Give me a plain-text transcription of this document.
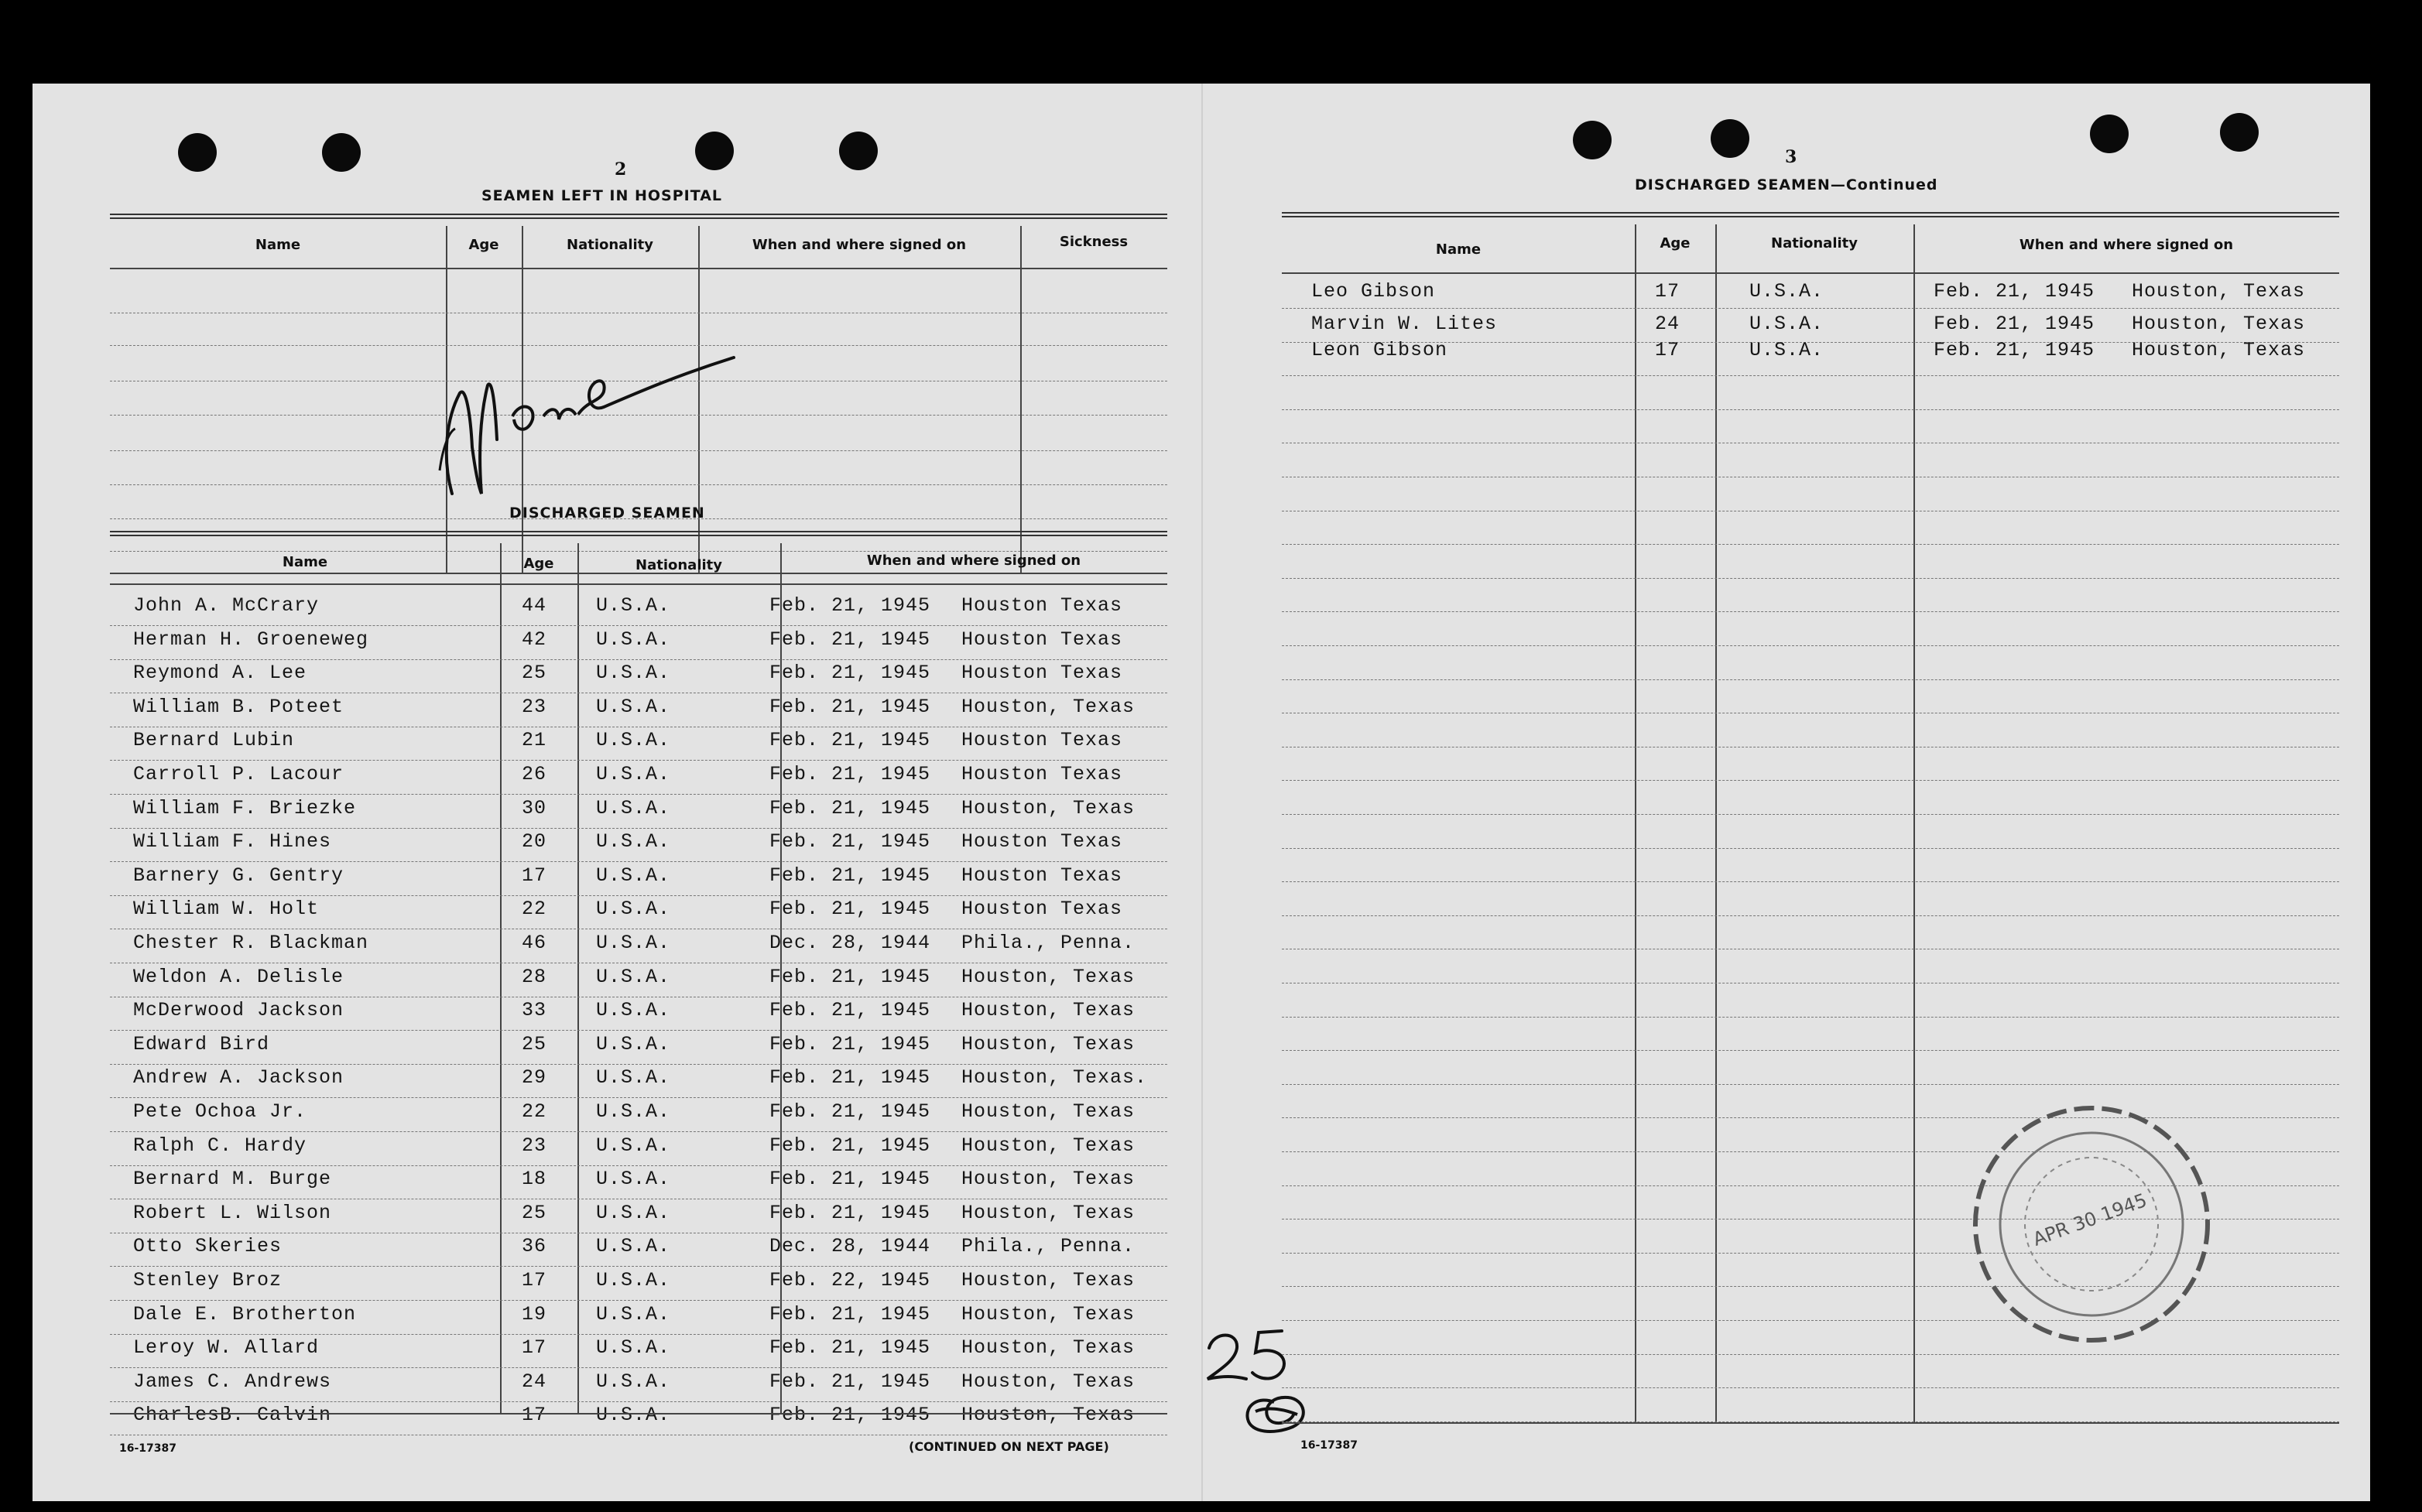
2
SEAMEN LEFT IN HOSPITAL
Name	Age	Nationality	When and where signed on	Sickness
DISCHARGED SEAMEN
Name	Age	Nationality	When and where signed on
John A. McCrary	44	U.S.A.	Feb. 21, 1945 Houston Texas
Herman H. Groeneweg	42	U.S.A.	Feb. 21, 1945 Houston Texas
Reymond A. Lee	25	U.S.A.	Feb. 21, 1945 Houston Texas
William B. Poteet	23	U.S.A.	Feb. 21, 1945 Houston, Texas
Bernard Lubin	21	U.S.A.	Feb. 21, 1945 Houston Texas
Carroll P. Lacour	26	U.S.A.	Feb. 21, 1945 Houston Texas
William F. Briezke	30	U.S.A.	Feb. 21, 1945 Houston, Texas
William F. Hines	20	U.S.A.	Feb. 21, 1945 Houston Texas
Barnery G. Gentry	17	U.S.A.	Feb. 21, 1945 Houston Texas
William W. Holt	22	U.S.A.	Feb. 21, 1945 Houston Texas
Chester R. Blackman	46	U.S.A.	Dec. 28, 1944 Phila., Penna.
Weldon A. Delisle	28	U.S.A.	Feb. 21, 1945 Houston, Texas
McDerwood Jackson	33	U.S.A.	Feb. 21, 1945 Houston, Texas
Edward Bird	25	U.S.A.	Feb. 21, 1945 Houston, Texas
Andrew A. Jackson	29	U.S.A.	Feb. 21, 1945 Houston, Texas.
Pete Ochoa Jr.	22	U.S.A.	Feb. 21, 1945 Houston, Texas
Ralph C. Hardy	23	U.S.A.	Feb. 21, 1945 Houston, Texas
Bernard M. Burge	18	U.S.A.	Feb. 21, 1945 Houston, Texas
Robert L. Wilson	25	U.S.A.	Feb. 21, 1945 Houston, Texas
Otto Skeries	36	U.S.A.	Dec. 28, 1944 Phila., Penna.
Stenley Broz	17	U.S.A.	Feb. 22, 1945 Houston, Texas
Dale E. Brotherton	19	U.S.A.	Feb. 21, 1945 Houston, Texas
Leroy W. Allard	17	U.S.A.	Feb. 21, 1945 Houston, Texas
James C. Andrews	24	U.S.A.	Feb. 21, 1945 Houston, Texas
CharlesB. Calvin	17	U.S.A.	Feb. 21, 1945 Houston, Texas
16-17387	(CONTINUED ON NEXT PAGE)
3
DISCHARGED SEAMEN—Continued
Name	Age	Nationality	When and where signed on
Leo Gibson	17	U.S.A.	Feb. 21, 1945 Houston, Texas
Marvin W. Lites	24	U.S.A.	Feb. 21, 1945 Houston, Texas
Leon Gibson	17	U.S.A.	Feb. 21, 1945 Houston, Texas
16-17387
APR 30 1945
